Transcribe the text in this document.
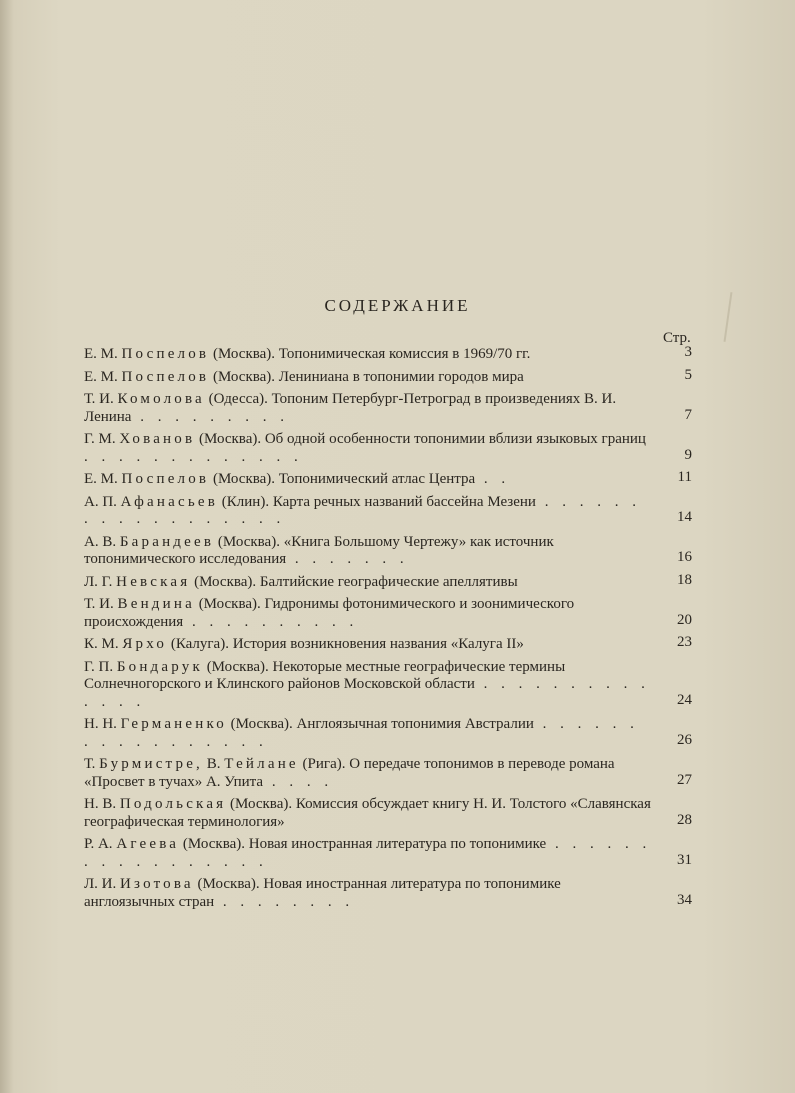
СОДЕРЖАНИЕ
Стр.
Е. М. Поспелов (Москва). Топонимическая комиссия в 1969/70 гг.	3
Е. М. Поспелов (Москва). Лениниана в топонимии городов мира	5
Т. И. Комолова (Одесса). Топоним Петербург-Петроград в произведениях В. И. Ленина . . . . . . . . .	7
Г. М. Хованов (Москва). Об одной особенности топонимии вблизи языковых границ . . . . . . . . . . . . .	9
Е. М. Поспелов (Москва). Топонимический атлас Центра . .	11
А. П. Афанасьев (Клин). Карта речных названий бассейна Мезени . . . . . . . . . . . . . . . . . .	14
А. В. Барандеев (Москва). «Книга Большому Чертежу» как источник топонимического исследования . . . . . . .	16
Л. Г. Невская (Москва). Балтийские географические апеллятивы	18
Т. И. Вендина (Москва). Гидронимы фотонимического и зоонимического происхождения . . . . . . . . . .	20
К. М. Ярхо (Калуга). История возникновения названия «Калуга II»	23
Г. П. Бондарук (Москва). Некоторые местные географические термины Солнечногорского и Клинского районов Московской области . . . . . . . . . . . . . .	24
Н. Н. Германенко (Москва). Англоязычная топонимия Австралии . . . . . . . . . . . . . . . . .	26
Т. Бурмистре, В. Тейлане (Рига). О передаче топонимов в переводе романа «Просвет в тучах» А. Упита . . . .	27
Н. В. Подольская (Москва). Комиссия обсуждает книгу Н. И. Толстого «Славянская географическая терминология»	28
Р. А. Агеева (Москва). Новая иностранная литература по топонимике . . . . . . . . . . . . . . . . .	31
Л. И. Изотова (Москва). Новая иностранная литература по топонимике англоязычных стран . . . . . . . .	34
